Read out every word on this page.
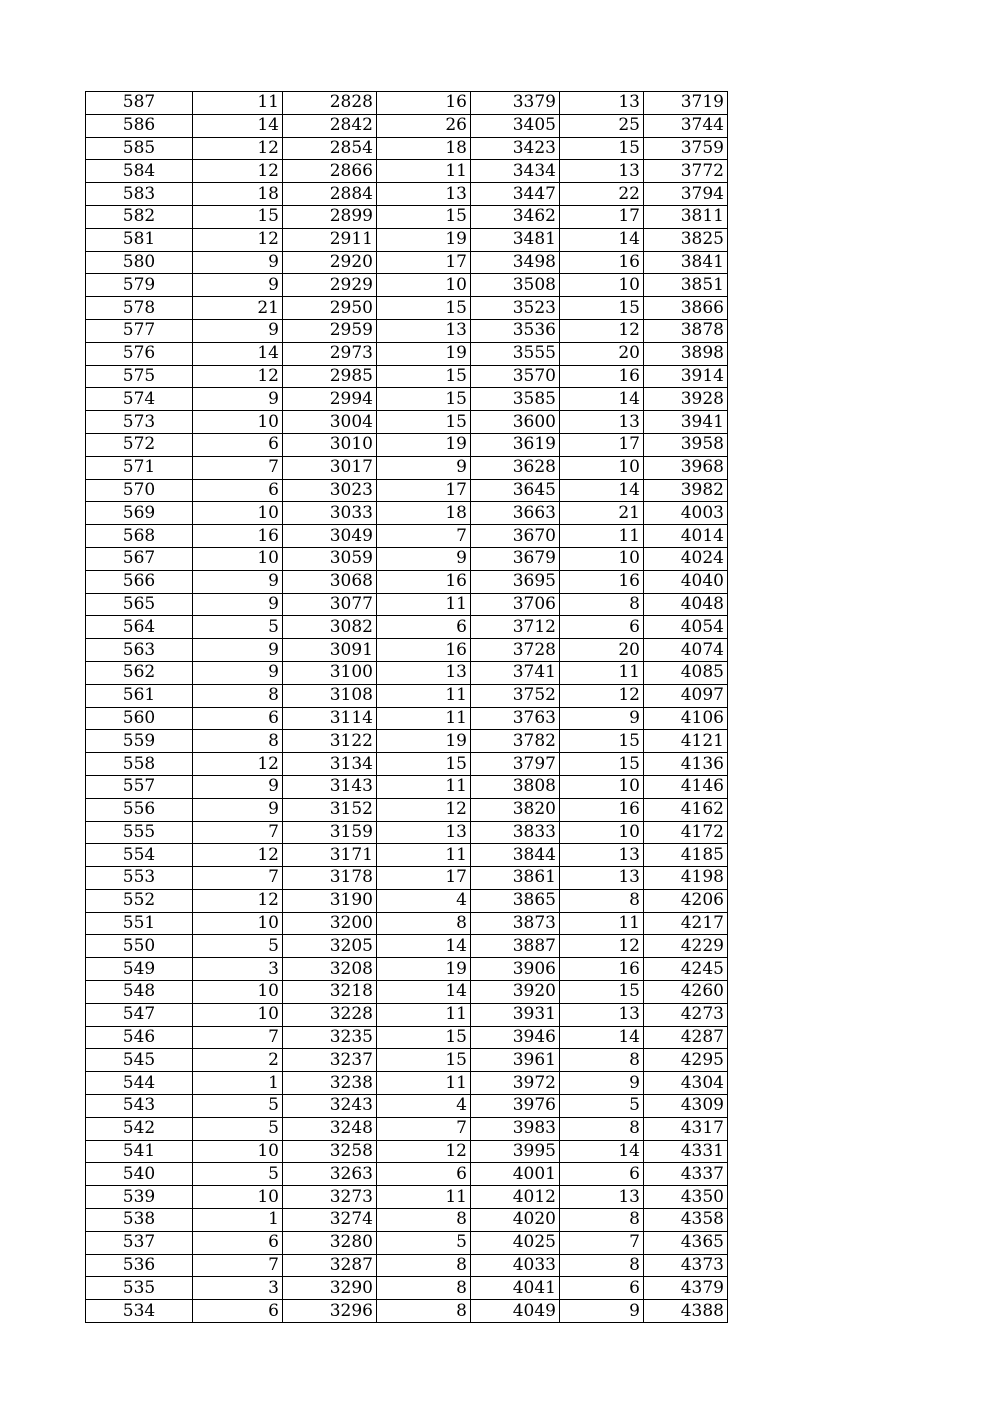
587	11	2828	16	3379	13	3719
586	14	2842	26	3405	25	3744
585	12	2854	18	3423	15	3759
584	12	2866	11	3434	13	3772
583	18	2884	13	3447	22	3794
582	15	2899	15	3462	17	3811
581	12	2911	19	3481	14	3825
580	9	2920	17	3498	16	3841
579	9	2929	10	3508	10	3851
578	21	2950	15	3523	15	3866
577	9	2959	13	3536	12	3878
576	14	2973	19	3555	20	3898
575	12	2985	15	3570	16	3914
574	9	2994	15	3585	14	3928
573	10	3004	15	3600	13	3941
572	6	3010	19	3619	17	3958
571	7	3017	9	3628	10	3968
570	6	3023	17	3645	14	3982
569	10	3033	18	3663	21	4003
568	16	3049	7	3670	11	4014
567	10	3059	9	3679	10	4024
566	9	3068	16	3695	16	4040
565	9	3077	11	3706	8	4048
564	5	3082	6	3712	6	4054
563	9	3091	16	3728	20	4074
562	9	3100	13	3741	11	4085
561	8	3108	11	3752	12	4097
560	6	3114	11	3763	9	4106
559	8	3122	19	3782	15	4121
558	12	3134	15	3797	15	4136
557	9	3143	11	3808	10	4146
556	9	3152	12	3820	16	4162
555	7	3159	13	3833	10	4172
554	12	3171	11	3844	13	4185
553	7	3178	17	3861	13	4198
552	12	3190	4	3865	8	4206
551	10	3200	8	3873	11	4217
550	5	3205	14	3887	12	4229
549	3	3208	19	3906	16	4245
548	10	3218	14	3920	15	4260
547	10	3228	11	3931	13	4273
546	7	3235	15	3946	14	4287
545	2	3237	15	3961	8	4295
544	1	3238	11	3972	9	4304
543	5	3243	4	3976	5	4309
542	5	3248	7	3983	8	4317
541	10	3258	12	3995	14	4331
540	5	3263	6	4001	6	4337
539	10	3273	11	4012	13	4350
538	1	3274	8	4020	8	4358
537	6	3280	5	4025	7	4365
536	7	3287	8	4033	8	4373
535	3	3290	8	4041	6	4379
534	6	3296	8	4049	9	4388
